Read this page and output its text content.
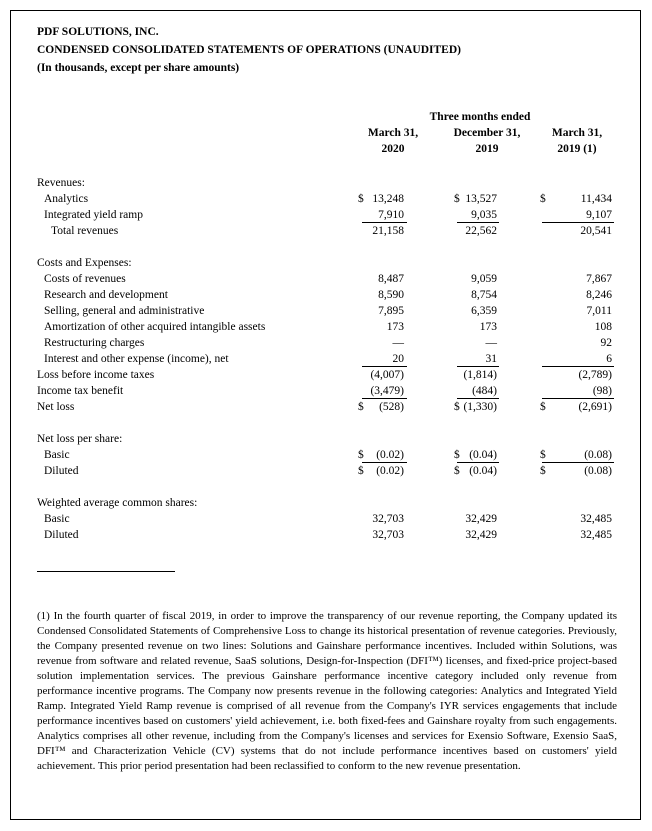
PDF SOLUTIONS, INC.
CONDENSED CONSOLIDATED STATEMENTS OF OPERATIONS (UNAUDITED)
(In thousands, except per share amounts)
Three months ended
March 31,
2020
December 31,
2019
March 31,
2019 (1)
Revenues:
Analytics	$ 13,248	$ 13,527	$	11,434
Integrated yield ramp	7,910	9,035	9,107
Total revenues	21,158	22,562	20,541
Costs and Expenses:
Costs of revenues	8,487	9,059	7,867
Research and development	8,590	8,754	8,246
Selling, general and administrative	7,895	6,359	7,011
Amortization of other acquired intangible assets	173	173	108
Restructuring charges	—	—	92
Interest and other expense (income), net	20	31	6
Loss before income taxes	(4,007)	(1,814)	(2,789)
Income tax benefit	(3,479)	(484)	(98)
Net loss	$ (528)	$ (1,330)	$	(2,691)
Net loss per share:
Basic	$ (0.02)	$ (0.04)	$	(0.08)
Diluted	$ (0.02)	$ (0.04)	$	(0.08)
Weighted average common shares:
Basic	32,703	32,429	32,485
Diluted	32,703	32,429	32,485
(1) In the fourth quarter of fiscal 2019, in order to improve the transparency of our revenue reporting, the Company updated its Condensed Consolidated Statements of Comprehensive Loss to change its historical presentation of revenue categories. Previously, the Company presented revenue on two lines: Solutions and Gainshare performance incentives. Included within Solutions, was revenue from software and related revenue, SaaS solutions, Design-for-Inspection (DFI™) licenses, and fixed-price project-based solution implementation services. The previous Gainshare performance incentive category included only revenue from performance incentive programs. The Company now presents revenue in the following categories: Analytics and Integrated Yield Ramp. Integrated Yield Ramp revenue is comprised of all revenue from the Company's IYR services engagements that include performance incentives based on customers' yield achievement, i.e. both fixed-fees and Gainshare royalty from such engagements. Analytics comprises all other revenue, including from the Company's licenses and services for Exensio Software, Exensio SaaS, DFI™ and Characterization Vehicle (CV) systems that do not include performance incentives based on customers' yield achievement. This prior period presentation had been reclassified to conform to the new revenue presentation.
